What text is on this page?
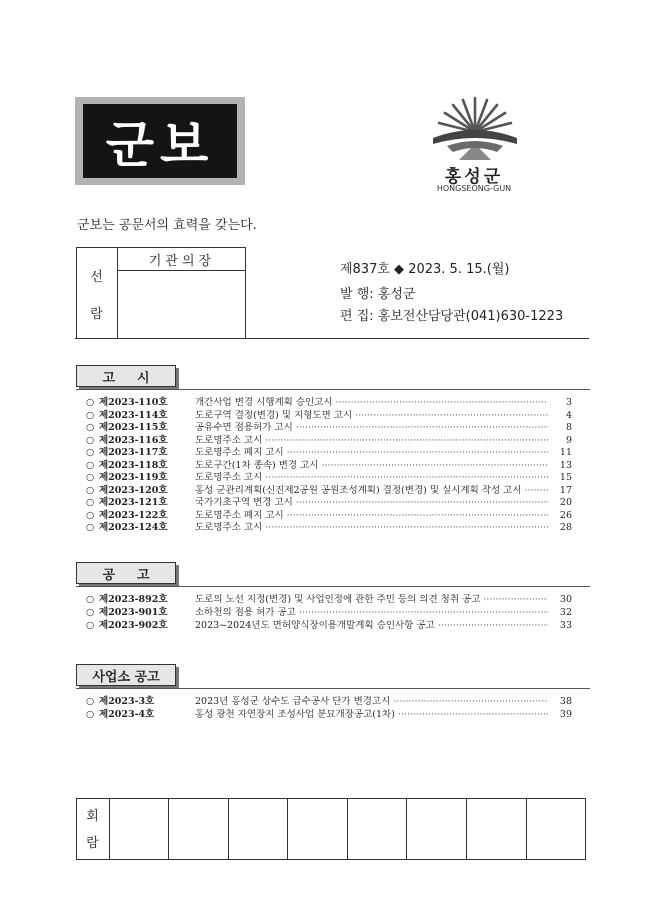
군보
홍성군
HONGSEONG-GUN
군보는 공문서의 효력을 갖는다.
기관의장
선
람
제837호 ◆ 2023. 5. 15.(월)
발 행: 홍성군
편 집: 홍보전산담당관(041)630-1223
고시
○ 제2023-110호	개간사업 변경 시행계획 승인고시 ·····	3
○ 제2023-114호	도로구역 결정(변경) 및 지형도면 고시 ·····	4
○ 제2023-115호	공유수면 점용허가 고시 ·····	8
○ 제2023-116호	도로명주소 고시 ·····	9
○ 제2023-117호	도로명주소 폐지 고시 ·····	11
○ 제2023-118호	도로구간(1차 종속) 변경 고시 ·····	13
○ 제2023-119호	도로명주소 고시 ·····	15
○ 제2023-120호	홍성 군관리계획(신진제2공원 공원조성계획) 결정(변경) 및 실시계획 작성 고시 ·····	17
○ 제2023-121호	국가기초구역 변경 고시 ·····	20
○ 제2023-122호	도로명주소 폐지 고시 ·····	26
○ 제2023-124호	도로명주소 고시 ·····	28
공고
○ 제2023-892호	도로의 노선 지정(변경) 및 사업인정에 관한 주민 등의 의견 청취 공고 ·····	30
○ 제2023-901호	소하천의 점용 허가 공고 ·····	32
○ 제2023-902호	2023~2024년도 면허양식장이용개발계획 승인사항 공고 ·····	33
사업소 공고
○ 제2023-3호	2023년 홍성군 상수도 급수공사 단가 변경고시 ·····	38
○ 제2023-4호	홍성 광천 자연장지 조성사업 분묘개장공고(1차) ·····	39
회
람
